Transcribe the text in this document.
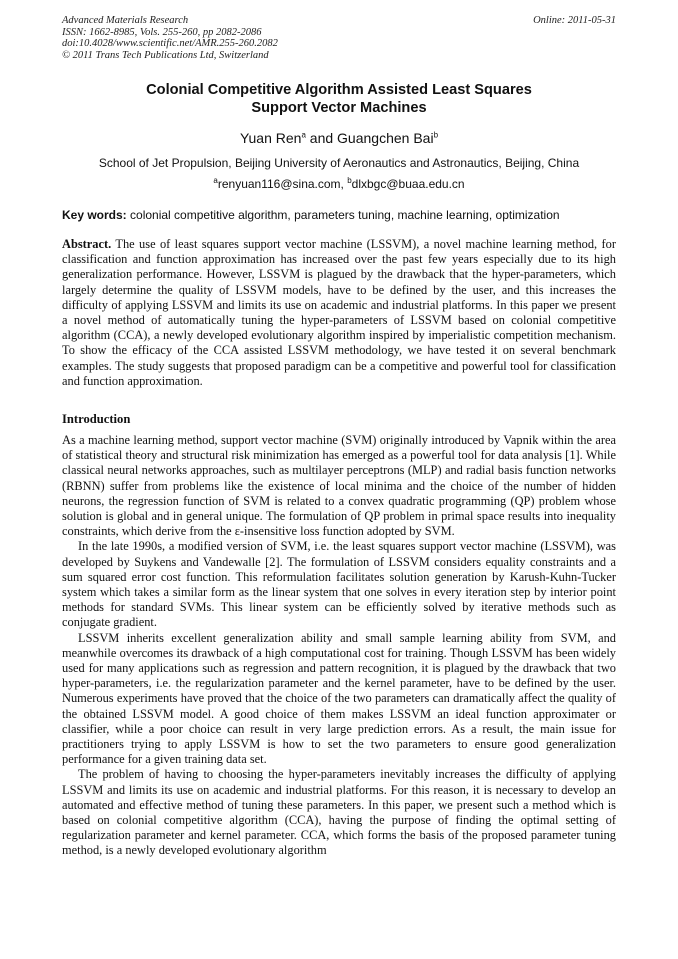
Advanced Materials Research
ISSN: 1662-8985, Vols. 255-260, pp 2082-2086
doi:10.4028/www.scientific.net/AMR.255-260.2082
© 2011 Trans Tech Publications Ltd, Switzerland
Online: 2011-05-31
Colonial Competitive Algorithm Assisted Least Squares
Support Vector Machines
Yuan Ren$^a$ and Guangchen Bai$^b$
School of Jet Propulsion, Beijing University of Aeronautics and Astronautics, Beijing, China
$^a$renyuan116@sina.com, $^b$dlxbgc@buaa.edu.cn
Key words: colonial competitive algorithm, parameters tuning, machine learning, optimization
Abstract. The use of least squares support vector machine (LSSVM), a novel machine learning method, for classification and function approximation has increased over the past few years especially due to its high generalization performance. However, LSSVM is plagued by the drawback that the hyper-parameters, which largely determine the quality of LSSVM models, have to be defined by the user, and this increases the difficulty of applying LSSVM and limits its use on academic and industrial platforms. In this paper we present a novel method of automatically tuning the hyper-parameters of LSSVM based on colonial competitive algorithm (CCA), a newly developed evolutionary algorithm inspired by imperialistic competition mechanism. To show the efficacy of the CCA assisted LSSVM methodology, we have tested it on several benchmark examples. The study suggests that proposed paradigm can be a competitive and powerful tool for classification and function approximation.
Introduction

As a machine learning method, support vector machine (SVM) originally introduced by Vapnik within the area of statistical theory and structural risk minimization has emerged as a powerful tool for data analysis [1]. While classical neural networks approaches, such as multilayer perceptrons (MLP) and radial basis function networks (RBNN) suffer from problems like the existence of local minima and the choice of the number of hidden neurons, the regression function of SVM is related to a convex quadratic programming (QP) problem whose solution is global and in general unique. The formulation of QP problem in primal space results into inequality constraints, which derive from the ε-insensitive loss function adopted by SVM.

In the late 1990s, a modified version of SVM, i.e. the least squares support vector machine (LSSVM), was developed by Suykens and Vandewalle [2]. The formulation of LSSVM considers equality constraints and a sum squared error cost function. This reformulation facilitates solution generation by Karush-Kuhn-Tucker system which takes a similar form as the linear system that one solves in every iteration step by interior point methods for standard SVMs. This linear system can be efficiently solved by iterative methods such as conjugate gradient.

LSSVM inherits excellent generalization ability and small sample learning ability from SVM, and meanwhile overcomes its drawback of a high computational cost for training. Though LSSVM has been widely used for many applications such as regression and pattern recognition, it is plagued by the drawback that two hyper-parameters, i.e. the regularization parameter and the kernel parameter, have to be defined by the user. Numerous experiments have proved that the choice of the two parameters can dramatically affect the quality of the obtained LSSVM model. A good choice of them makes LSSVM an ideal function approximater or classifier, while a poor choice can result in very large prediction errors. As a result, the main issue for practitioners trying to apply LSSVM is how to set the two parameters to ensure good generalization performance for a given training data set.

The problem of having to choosing the hyper-parameters inevitably increases the difficulty of applying LSSVM and limits its use on academic and industrial platforms. For this reason, it is necessary to develop an automated and effective method of tuning these parameters. In this paper, we present such a method which is based on colonial competitive algorithm (CCA), having the purpose of finding the optimal setting of regularization parameter and kernel parameter. CCA, which forms the basis of the proposed parameter tuning method, is a newly developed evolutionary algorithm
